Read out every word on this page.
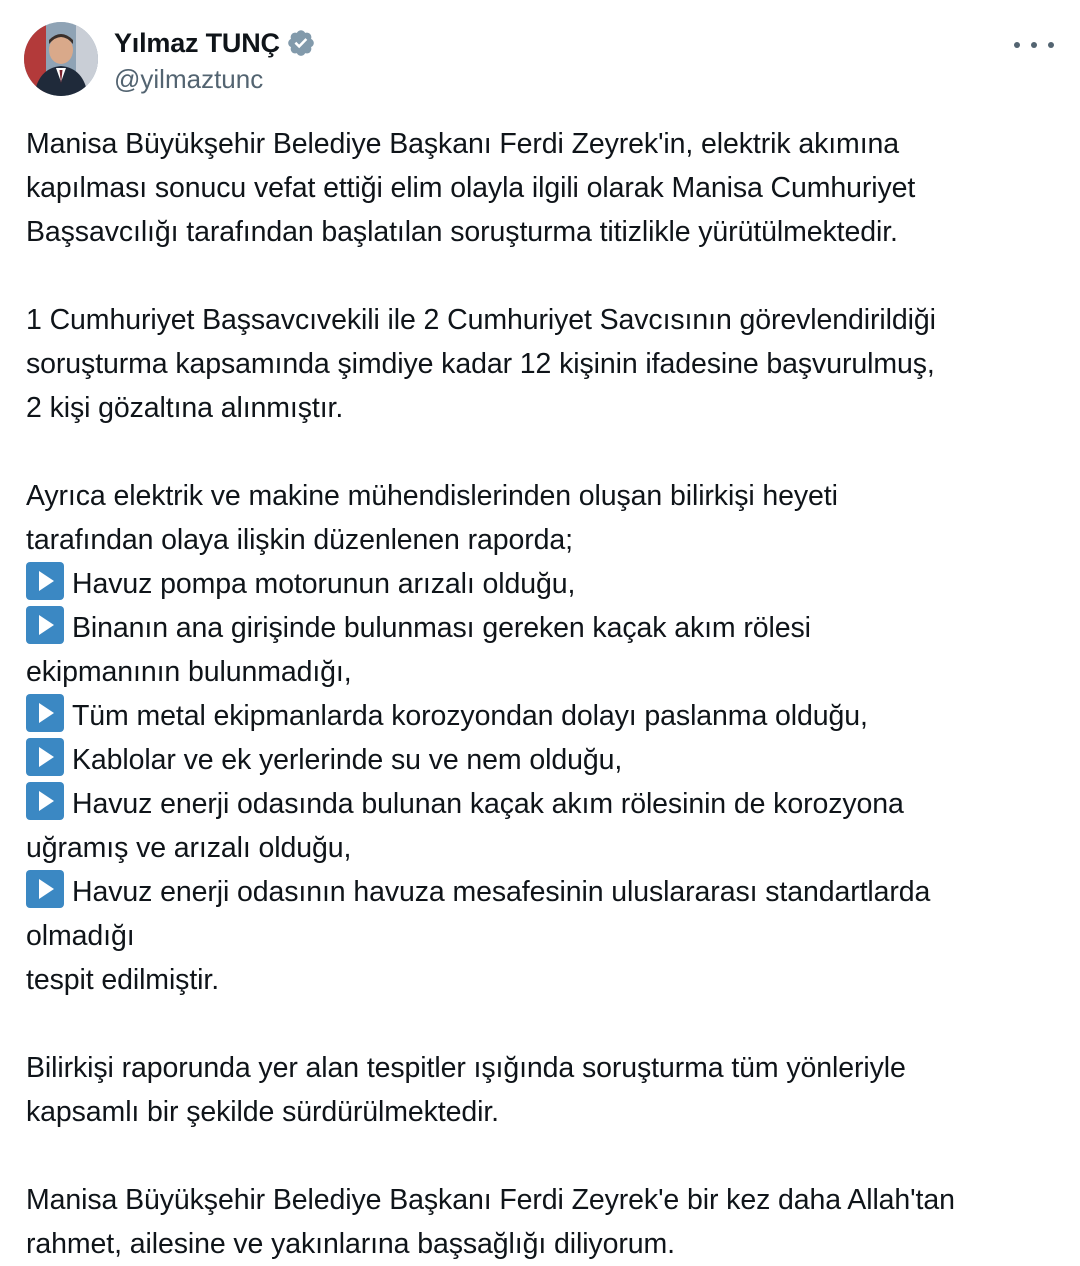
Yılmaz TUNÇ
@yilmaztunc
Manisa Büyükşehir Belediye Başkanı Ferdi Zeyrek'in, elektrik akımına
kapılması sonucu vefat ettiği elim olayla ilgili olarak Manisa Cumhuriyet
Başsavcılığı tarafından başlatılan soruşturma titizlikle yürütülmektedir.
1 Cumhuriyet Başsavcıvekili ile 2 Cumhuriyet Savcısının görevlendirildiği
soruşturma kapsamında şimdiye kadar 12 kişinin ifadesine başvurulmuş,
2 kişi gözaltına alınmıştır.
Ayrıca elektrik ve makine mühendislerinden oluşan bilirkişi heyeti
tarafından olaya ilişkin düzenlenen raporda;
Havuz pompa motorunun arızalı olduğu,
Binanın ana girişinde bulunması gereken kaçak akım rölesi
ekipmanının bulunmadığı,
Tüm metal ekipmanlarda korozyondan dolayı paslanma olduğu,
Kablolar ve ek yerlerinde su ve nem olduğu,
Havuz enerji odasında bulunan kaçak akım rölesinin de korozyona
uğramış ve arızalı olduğu,
Havuz enerji odasının havuza mesafesinin uluslararası standartlarda
olmadığı
tespit edilmiştir.
Bilirkişi raporunda yer alan tespitler ışığında soruşturma tüm yönleriyle
kapsamlı bir şekilde sürdürülmektedir.
Manisa Büyükşehir Belediye Başkanı Ferdi Zeyrek'e bir kez daha Allah'tan
rahmet, ailesine ve yakınlarına başsağlığı diliyorum.
